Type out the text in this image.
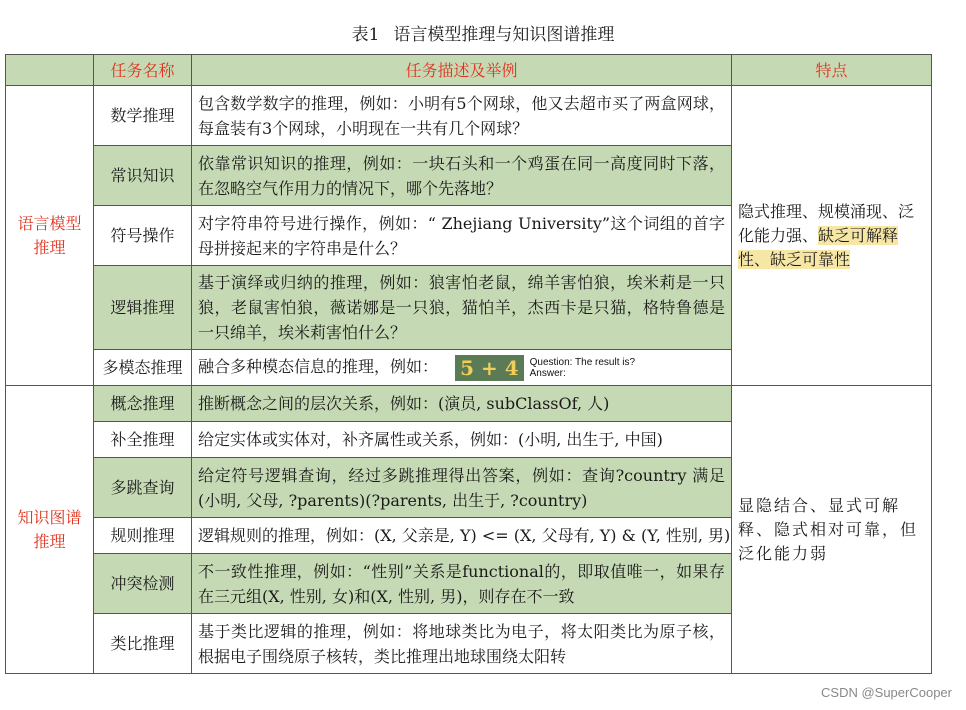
表1 语言模型推理与知识图谱推理
	任务名称	任务描述及举例	特点
语言模型推理	数学推理	包含数学数字的推理，例如：小明有5个网球，他又去超市买了两盒网球，每盒装有3个网球，小明现在一共有几个网球？	隐式推理、规模涌现、泛化能力强、缺乏可解释性、缺乏可靠性
	常识知识	依靠常识知识的推理，例如：一块石头和一个鸡蛋在同一高度同时下落，在忽略空气作用力的情况下，哪个先落地？	
	符号操作	对字符串符号进行操作，例如：“ Zhejiang University”这个词组的首字母拼接起来的字符串是什么？	
	逻辑推理	基于演绎或归纳的推理，例如：狼害怕老鼠，绵羊害怕狼，埃米莉是一只狼，老鼠害怕狼，薇诺娜是一只狼，猫怕羊，杰西卡是只猫，格特鲁德是一只绵羊，埃米莉害怕什么？	
	多模态推理	融合多种模态信息的推理，例如： 5 + 4 Question: The result is?
Answer:	
知识图谱推理	概念推理	推断概念之间的层次关系，例如：(演员, subClassOf, 人)	显隐结合、显式可解释、隐式相对可靠，但泛化能力弱
	补全推理	给定实体或实体对，补齐属性或关系，例如：(小明, 出生于, 中国)	
	多跳查询	给定符号逻辑查询，经过多跳推理得出答案，例如：查询?country 满足(小明, 父母, ?parents)(?parents, 出生于, ?country)	
	规则推理	逻辑规则的推理，例如：(X, 父亲是, Y) <= (X, 父母有, Y) & (Y, 性别, 男)	
	冲突检测	不一致性推理，例如：“性别”关系是functional的，即取值唯一，如果存在三元组(X, 性别, 女)和(X, 性别, 男)，则存在不一致	
	类比推理	基于类比逻辑的推理，例如：将地球类比为电子，将太阳类比为原子核，根据电子围绕原子核转，类比推理出地球围绕太阳转	
CSDN @SuperCooper
